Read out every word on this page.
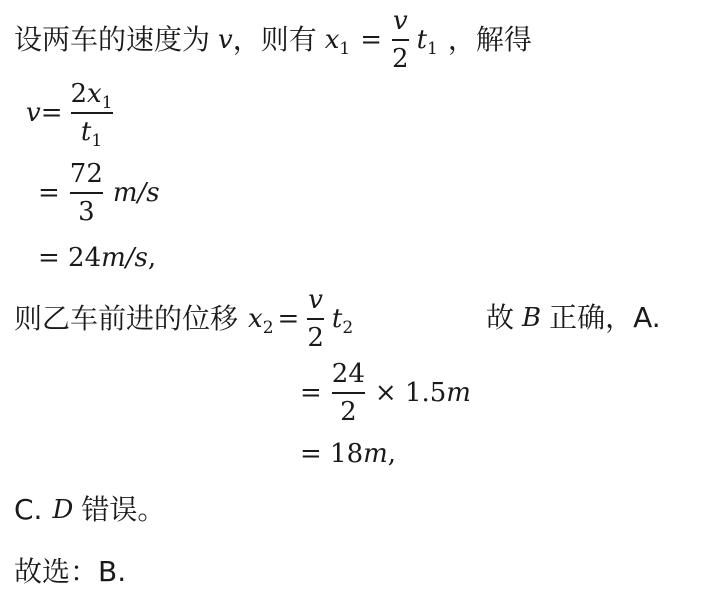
设两车的速度为 v ，则有 $x_1 = \frac{v}{2} t_1$ ，解得
$v = \frac{2x_1}{t_1}$
= $\frac{72}{3} m/s$
= 24 m/s ,
则乙车前进的位移 $x_2 = \frac{v}{2} t_2$	故 B 正确，A.
= $\frac{24}{2} \times 1.5$ m
= 18 m ,
C. D 错误。
故选：B.
